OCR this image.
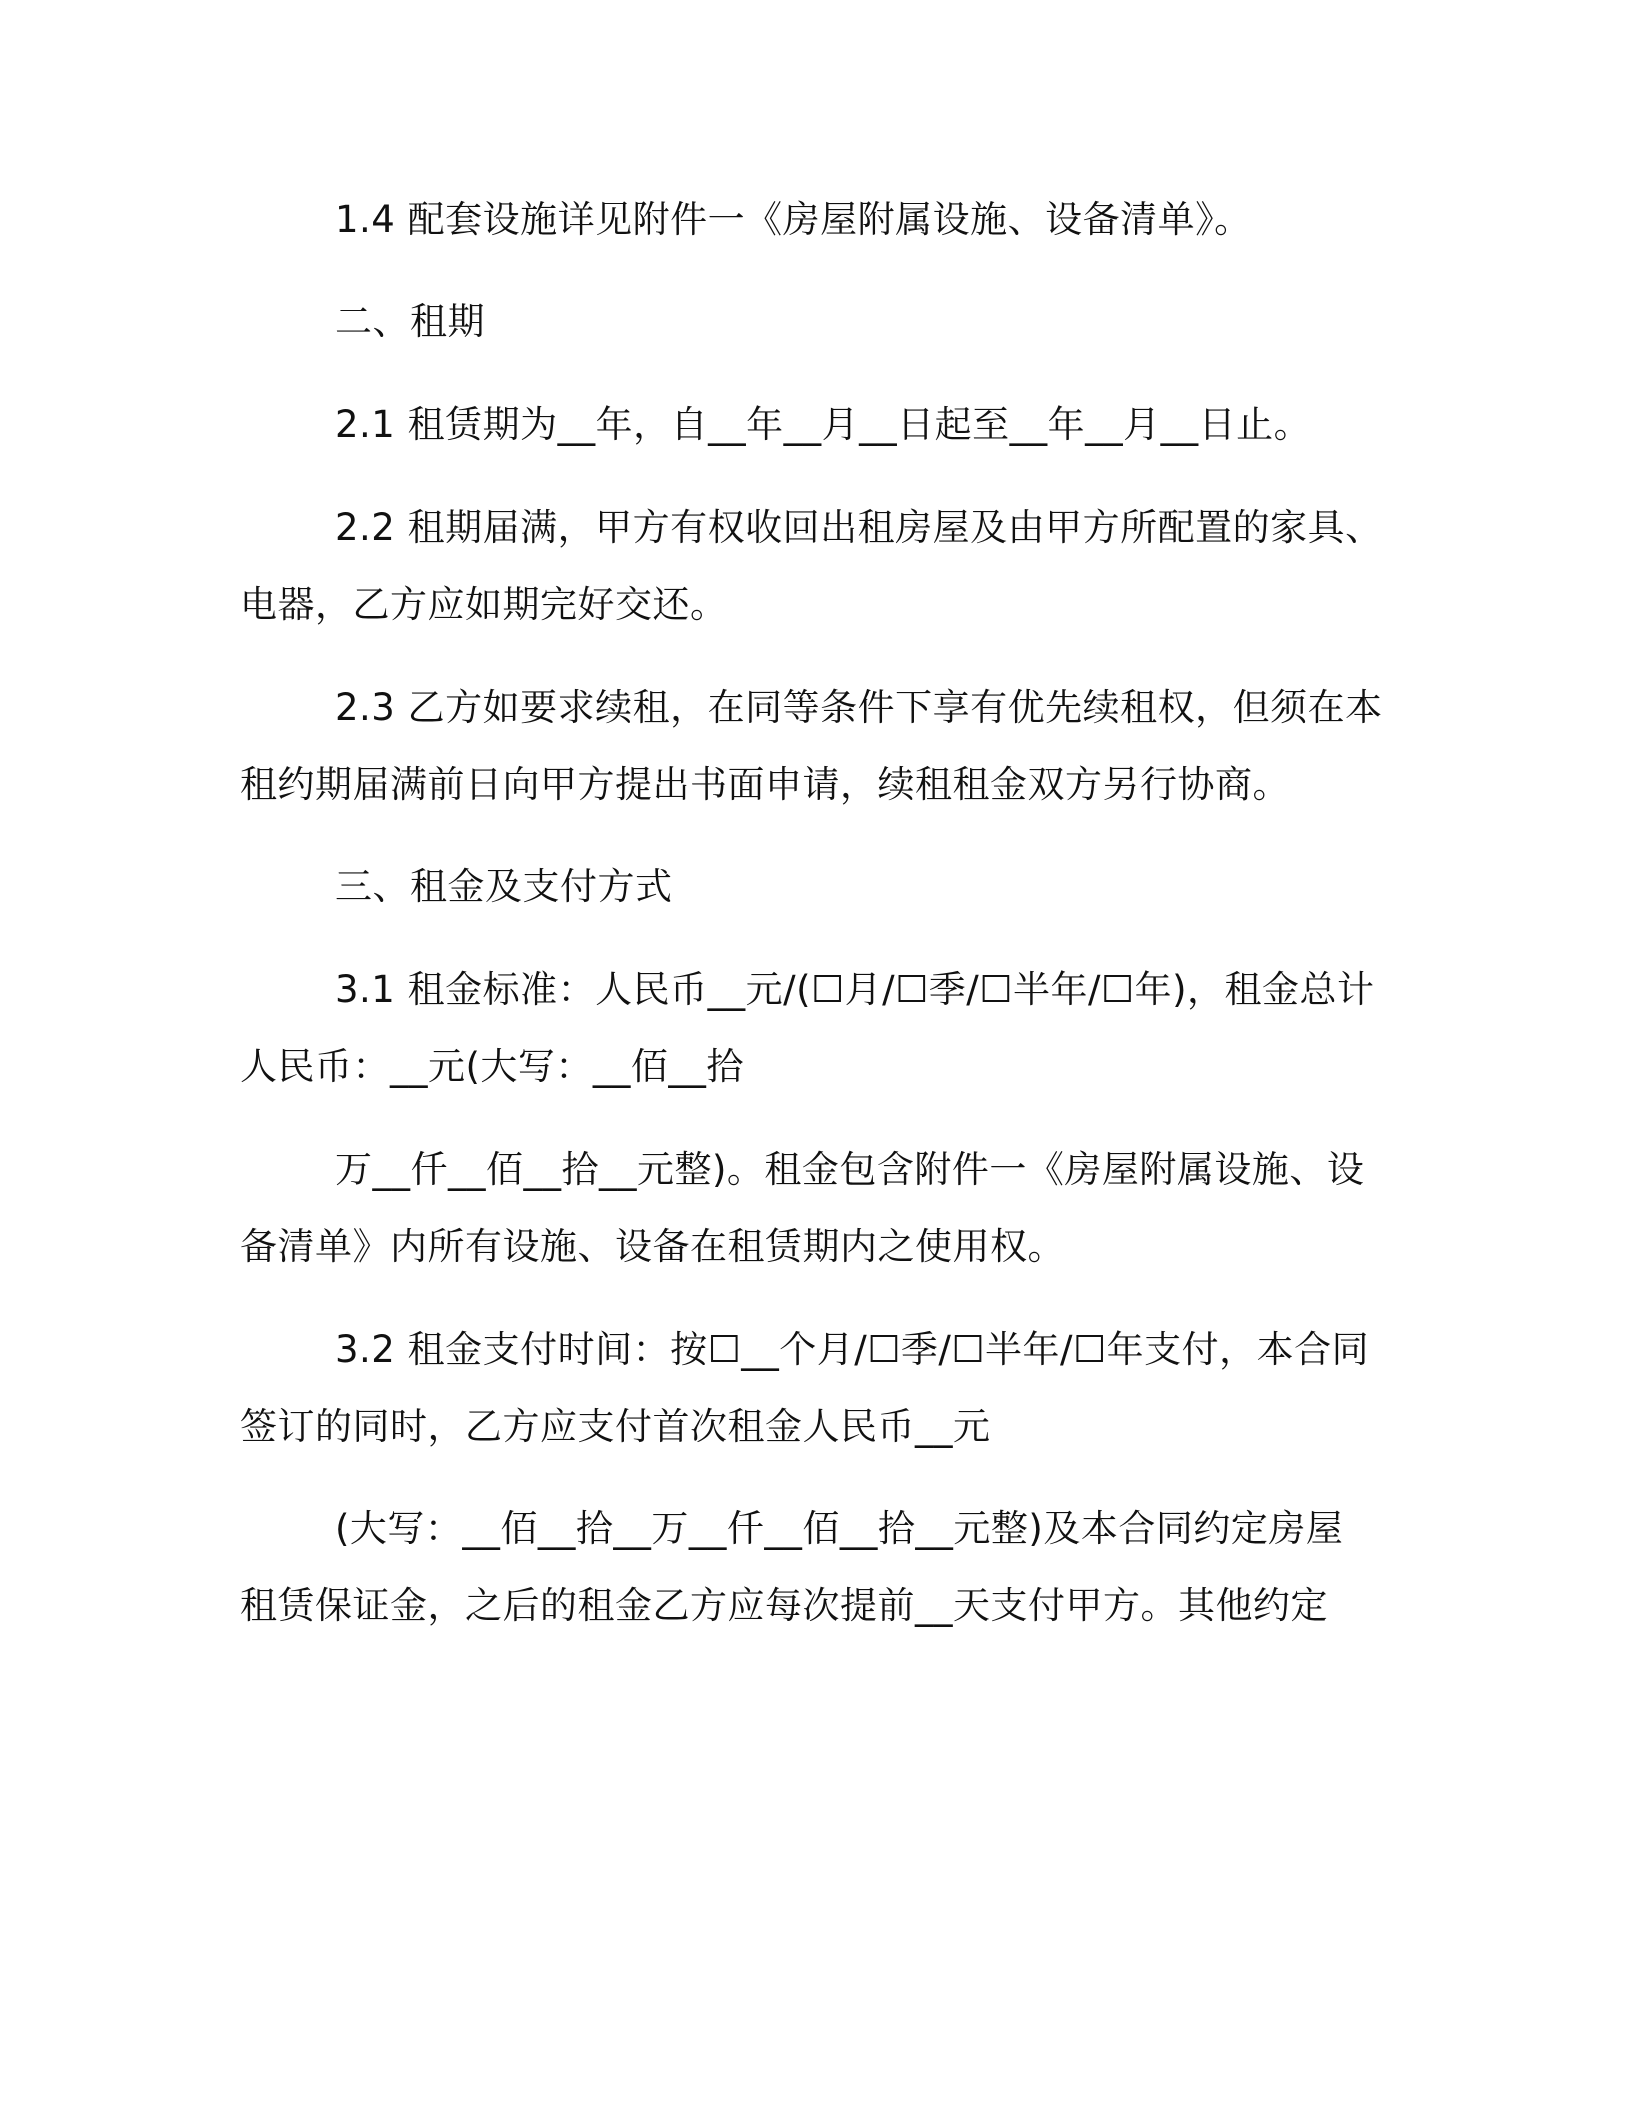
1.4 配套设施详见附件一《房屋附属设施、设备清单》。
二、租期
2.1 租赁期为__年，自__年__月__日起至__年__月__日止。
2.2 租期届满，甲方有权收回出租房屋及由甲方所配置的家具、
电器，乙方应如期完好交还。
2.3 乙方如要求续租，在同等条件下享有优先续租权，但须在本
租约期届满前日向甲方提出书面申请，续租租金双方另行协商。
三、租金及支付方式
3.1 租金标准：人民币__元/(☐月/☐季/☐半年/☐年)，租金总计
人民币：__元(大写：__佰__拾
万__仟__佰__拾__元整)。租金包含附件一《房屋附属设施、设
备清单》内所有设施、设备在租赁期内之使用权。
3.2 租金支付时间：按☐__个月/☐季/☐半年/☐年支付，本合同
签订的同时，乙方应支付首次租金人民币__元
(大写：__佰__拾__万__仟__佰__拾__元整)及本合同约定房屋
租赁保证金，之后的租金乙方应每次提前__天支付甲方。其他约定
